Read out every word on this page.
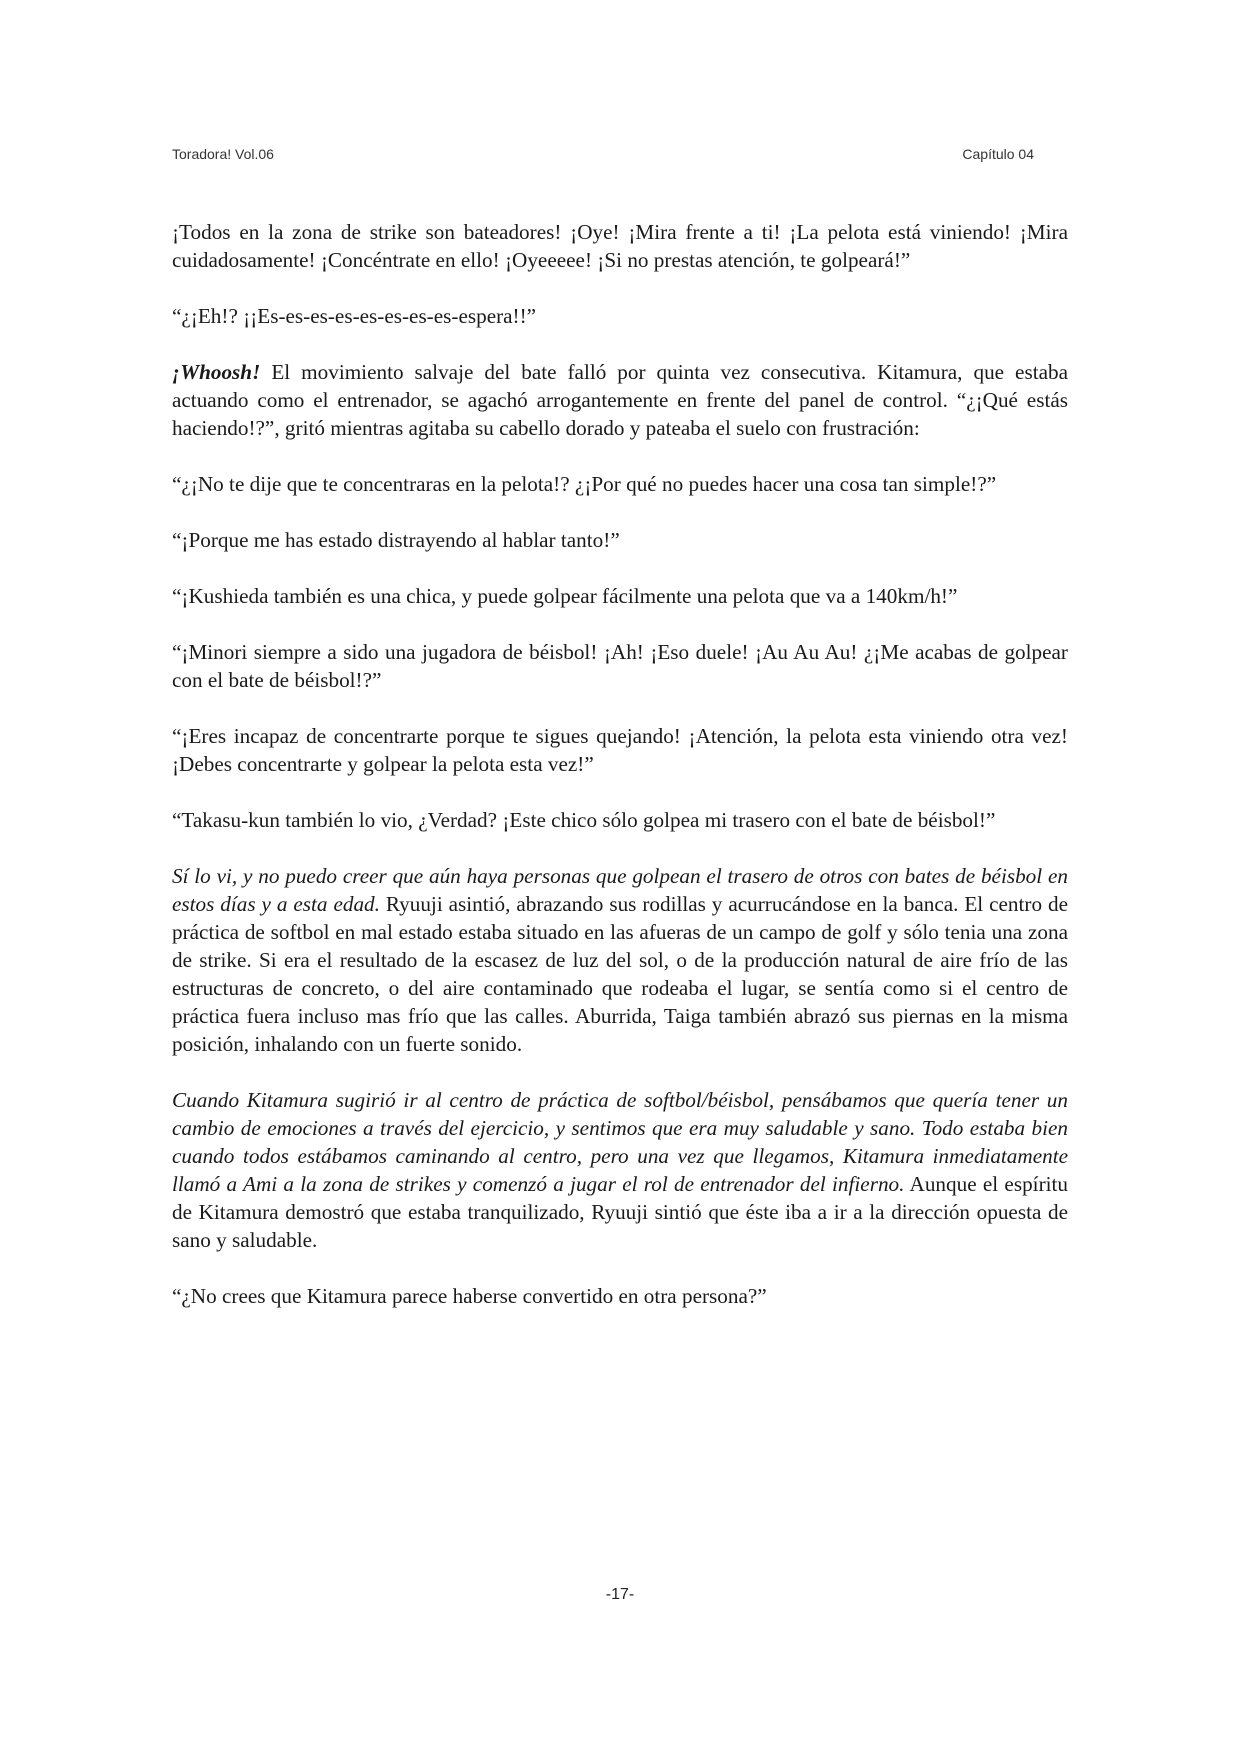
Toradora! Vol.06	Capítulo 04

¡Todos en la zona de strike son bateadores! ¡Oye! ¡Mira frente a ti! ¡La pelota está viniendo! ¡Mira cuidadosamente! ¡Concéntrate en ello! ¡Oyeeeee! ¡Si no prestas atención, te golpeará!”

“¿¡Eh!? ¡¡Es-es-es-es-es-es-es-es-espera!!”

¡Whoosh! El movimiento salvaje del bate falló por quinta vez consecutiva. Kitamura, que estaba actuando como el entrenador, se agachó arrogantemente en frente del panel de control. “¿¡Qué estás haciendo!?”, gritó mientras agitaba su cabello dorado y pateaba el suelo con frustración:

“¿¡No te dije que te concentraras en la pelota!? ¿¡Por qué no puedes hacer una cosa tan simple!?”

“¡Porque me has estado distrayendo al hablar tanto!”

“¡Kushieda también es una chica, y puede golpear fácilmente una pelota que va a 140km/h!”

“¡Minori siempre a sido una jugadora de béisbol! ¡Ah! ¡Eso duele! ¡Au Au Au! ¿¡Me acabas de golpear con el bate de béisbol!?”

“¡Eres incapaz de concentrarte porque te sigues quejando! ¡Atención, la pelota esta viniendo otra vez! ¡Debes concentrarte y golpear la pelota esta vez!”

“Takasu-kun también lo vio, ¿Verdad? ¡Este chico sólo golpea mi trasero con el bate de béisbol!”

Sí lo vi, y no puedo creer que aún haya personas que golpean el trasero de otros con bates de béisbol en estos días y a esta edad. Ryuuji asintió, abrazando sus rodillas y acurrucándose en la banca. El centro de práctica de softbol en mal estado estaba situado en las afueras de un campo de golf y sólo tenia una zona de strike. Si era el resultado de la escasez de luz del sol, o de la producción natural de aire frío de las estructuras de concreto, o del aire contaminado que rodeaba el lugar, se sentía como si el centro de práctica fuera incluso mas frío que las calles. Aburrida, Taiga también abrazó sus piernas en la misma posición, inhalando con un fuerte sonido.

Cuando Kitamura sugirió ir al centro de práctica de softbol/béisbol, pensábamos que quería tener un cambio de emociones a través del ejercicio, y sentimos que era muy saludable y sano. Todo estaba bien cuando todos estábamos caminando al centro, pero una vez que llegamos, Kitamura inmediatamente llamó a Ami a la zona de strikes y comenzó a jugar el rol de entrenador del infierno. Aunque el espíritu de Kitamura demostró que estaba tranquilizado, Ryuuji sintió que éste iba a ir a la dirección opuesta de sano y saludable.

“¿No crees que Kitamura parece haberse convertido en otra persona?”

-17-
